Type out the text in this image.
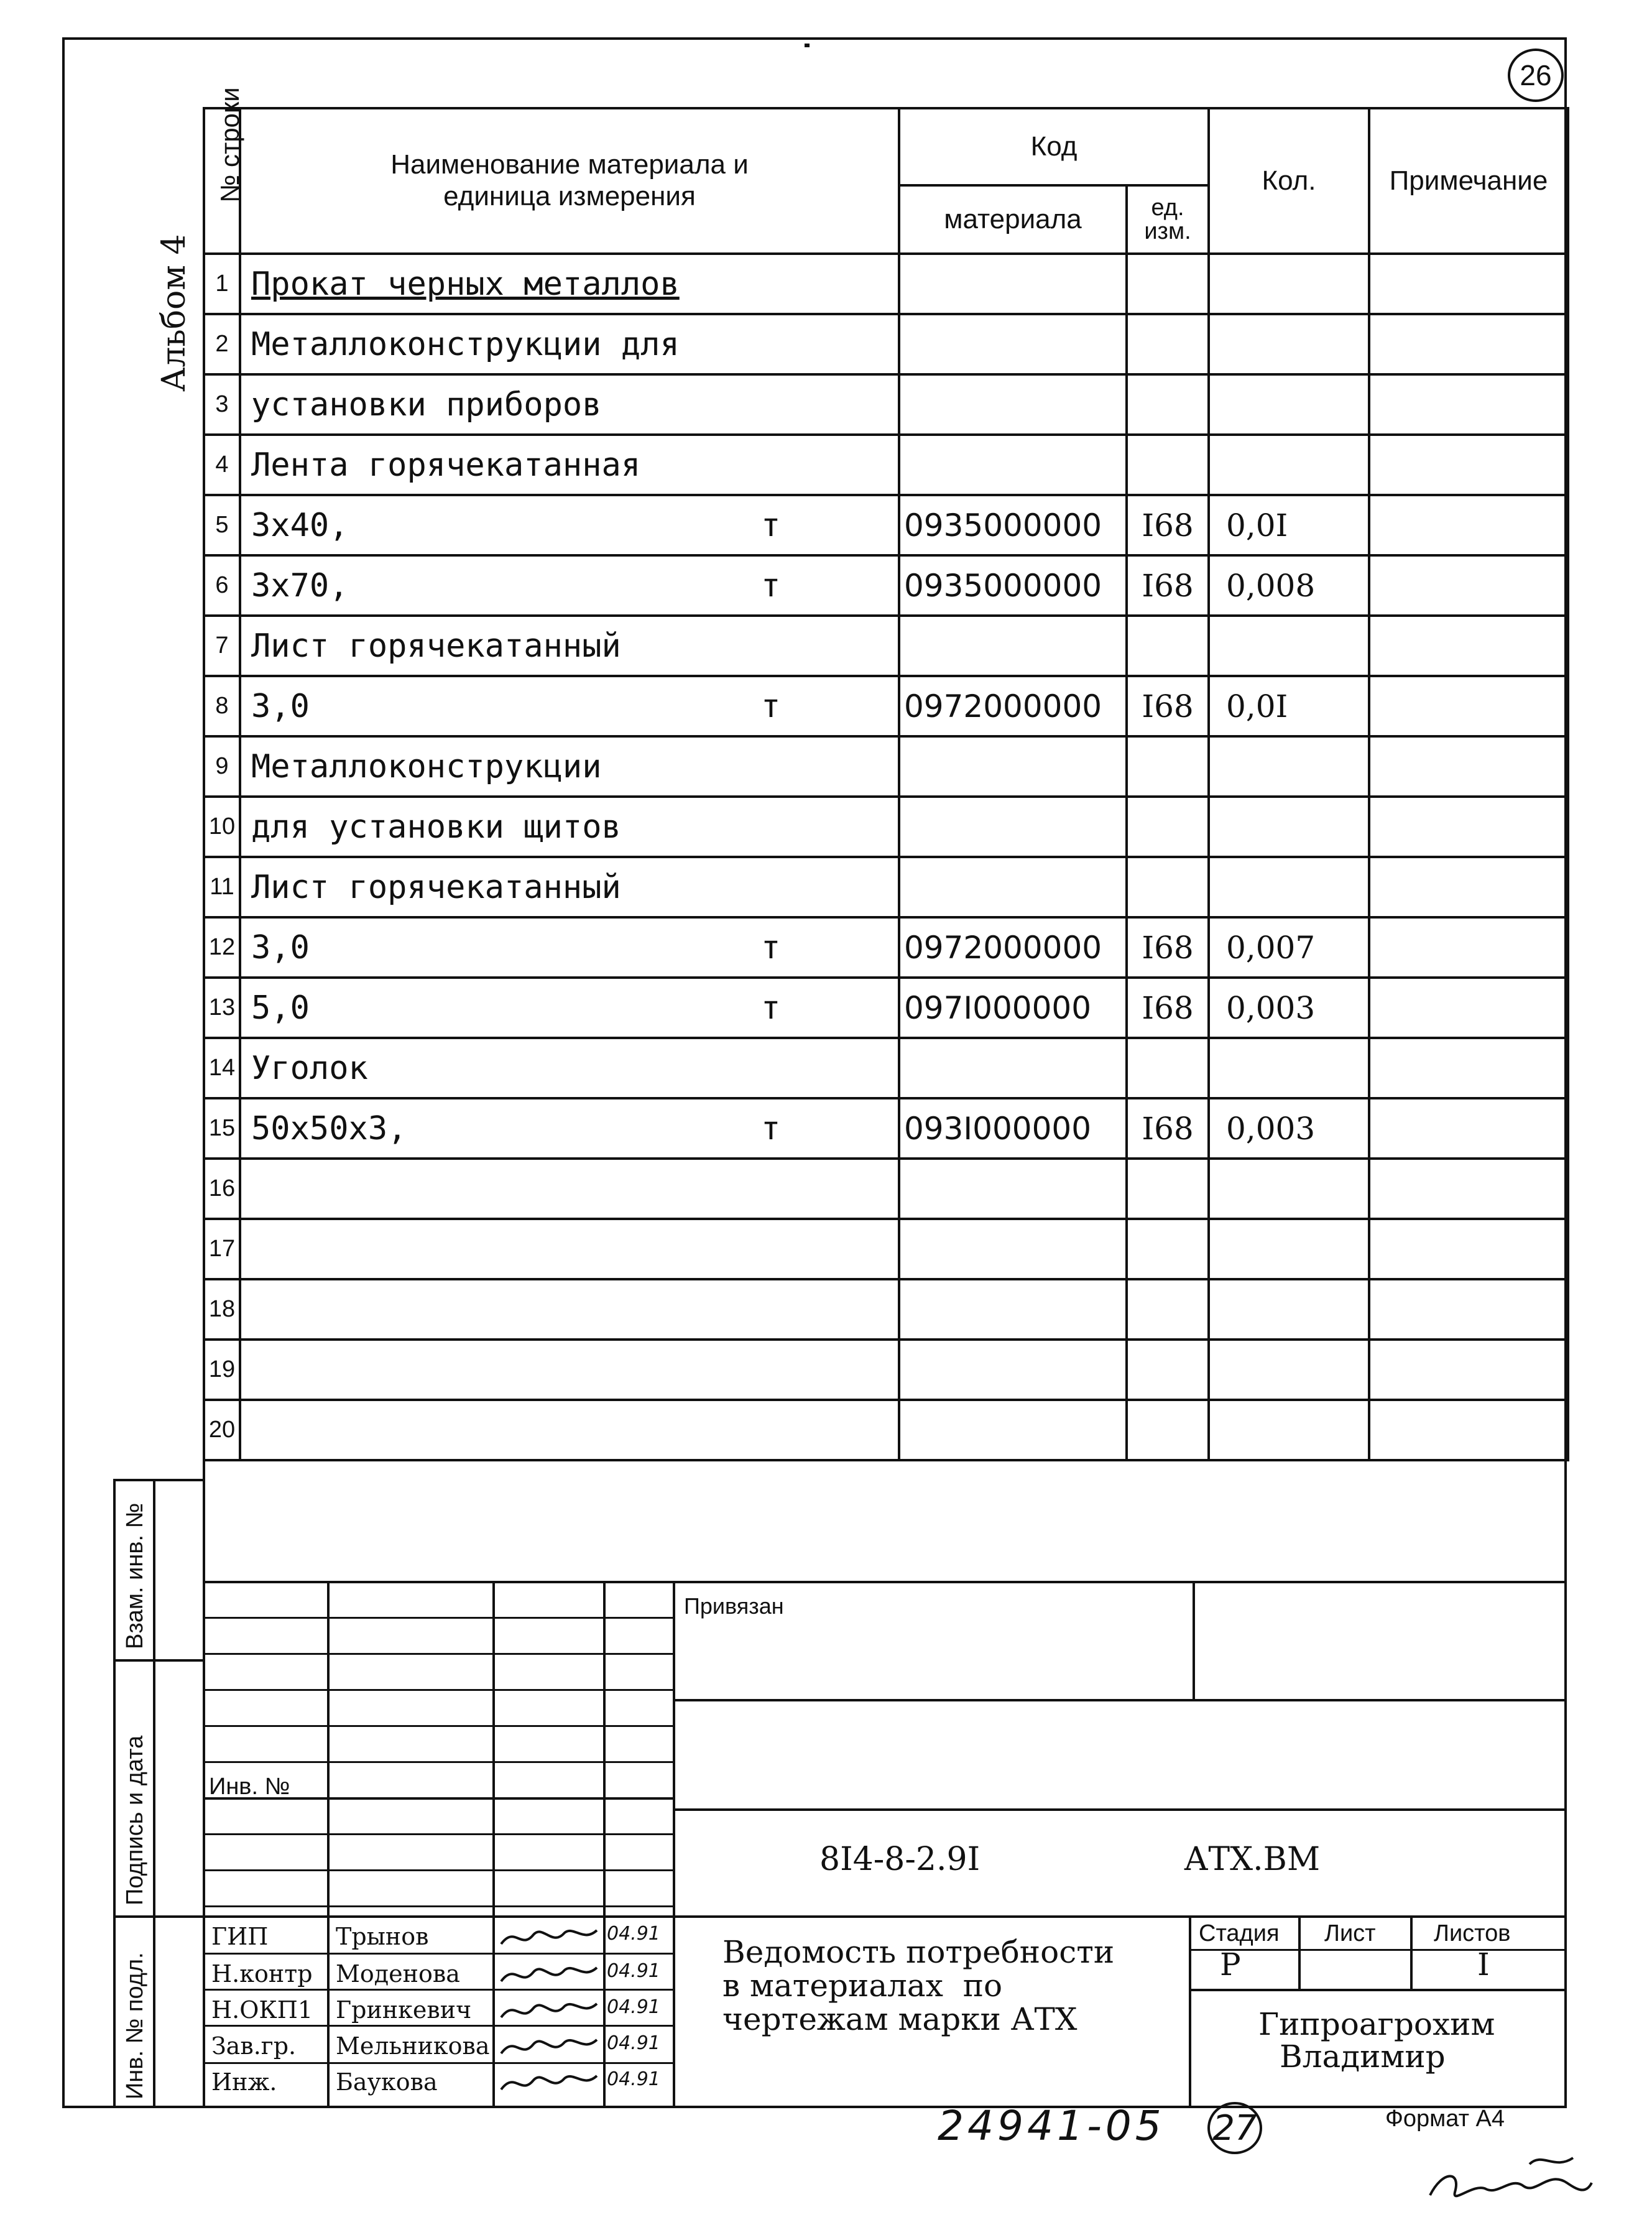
26
Альбом 4
№ строки	Наименование материала и единица измерения	Код		Кол.	Примечание
		материала	ед. изм.		
1	Прокат черных металлов

2	Металлоконструкции для

3	установки приборов

4	Лента горячекатанная

5	3x40, т	0935000000	I68	0,0I	
6	3x70, т	0935000000	I68	0,008	
7	Лист горячекатанный

8	3,0 т	0972000000	I68	0,0I	
9	Металлоконструкции

10	для установки щитов

11	Лист горячекатанный

12	3,0 т	0972000000	I68	0,007	
13	5,0 т	097I000000	I68	0,003	
14	Уголок

15	50x50x3, т	093I000000	I68	0,003	
16	

17	

18	

19	

20	

Взам. инв. №
Подпись и дата
Инв. № подл.
Инв. №
Привязан
8I4-8-2.9I	АТХ.ВМ
Ведомость потребности
в материалах  по
чертежам марки АТХ
Стадия Лист Листов
Р	I
Гипроагрохим
Владимир
ГИП	Трынов	04.91
Н.контр Моденова	04.91
Н.ОКП1 Гринкевич	04.91
Зав.гр. Мельникова	04.91
Инж. Баукова	04.91
24941-05 27	Формат А4
